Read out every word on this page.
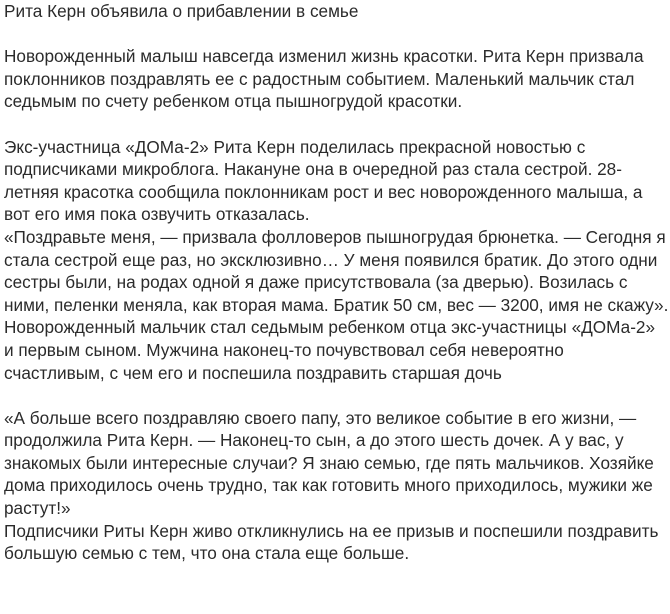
Рита Керн объявила о прибавлении в семье

Новорожденный малыш навсегда изменил жизнь красотки. Рита Керн призвала
поклонников поздравлять ее с радостным событием. Маленький мальчик стал
седьмым по счету ребенком отца пышногрудой красотки.

Экс-участница «ДОМа-2» Рита Керн поделилась прекрасной новостью с
подписчиками микроблога. Накануне она в очередной раз стала сестрой. 28-
летняя красотка сообщила поклонникам рост и вес новорожденного малыша, а
вот его имя пока озвучить отказалась.
«Поздравьте меня, — призвала фолловеров пышногрудая брюнетка. — Сегодня я
стала сестрой еще раз, но эксклюзивно… У меня появился братик. До этого одни
сестры были, на родах одной я даже присутствовала (за дверью). Возилась с
ними, пеленки меняла, как вторая мама. Братик 50 см, вес — 3200, имя не скажу».
Новорожденный мальчик стал седьмым ребенком отца экс-участницы «ДОМа-2»
и первым сыном. Мужчина наконец-то почувствовал себя невероятно
счастливым, с чем его и поспешила поздравить старшая дочь

«А больше всего поздравляю своего папу, это великое событие в его жизни, —
продолжила Рита Керн. — Наконец-то сын, а до этого шесть дочек. А у вас, у
знакомых были интересные случаи? Я знаю семью, где пять мальчиков. Хозяйке
дома приходилось очень трудно, так как готовить много приходилось, мужики же
растут!»
Подписчики Риты Керн живо откликнулись на ее призыв и поспешили поздравить
большую семью с тем, что она стала еще больше.
